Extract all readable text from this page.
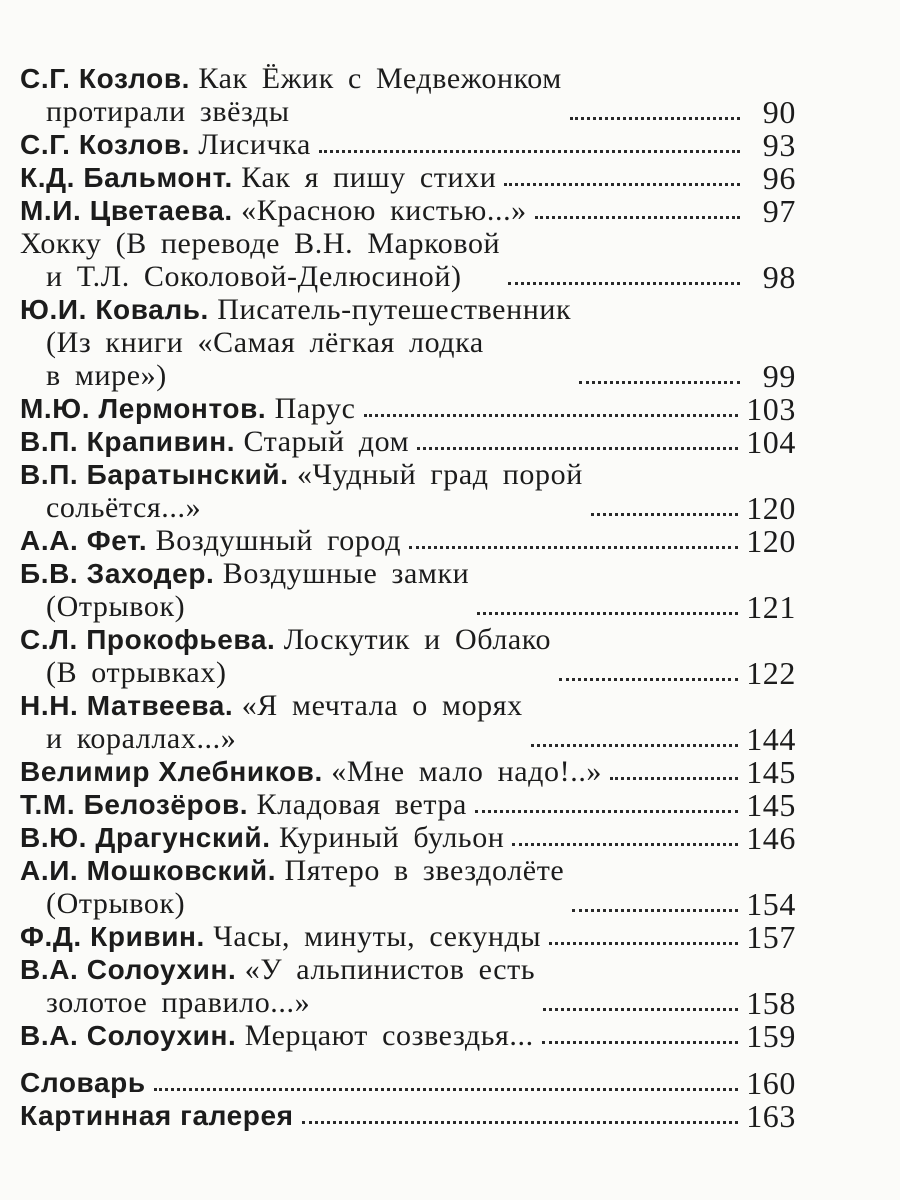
С.Г. Козлов. Как Ёжик с Медвежонком
протирали звёзды	90
С.Г. Козлов. Лисичка	93
К.Д. Бальмонт. Как я пишу стихи	96
М.И. Цветаева. «Красною кистью...»	97
Хокку (В переводе В.Н. Марковой
и Т.Л. Соколовой-Делюсиной)	98
Ю.И. Коваль. Писатель-путешественник
(Из книги «Самая лёгкая лодка
в мире»)	99
М.Ю. Лермонтов. Парус	103
В.П. Крапивин. Старый дом	104
В.П. Баратынский. «Чудный град порой
сольётся...»	120
А.А. Фет. Воздушный город	120
Б.В. Заходер. Воздушные замки
(Отрывок)	121
С.Л. Прокофьева. Лоскутик и Облако
(В отрывках)	122
Н.Н. Матвеева. «Я мечтала о морях
и кораллах...»	144
Велимир Хлебников. «Мне мало надо!..»	145
Т.М. Белозёров. Кладовая ветра	145
В.Ю. Драгунский. Куриный бульон	146
А.И. Мошковский. Пятеро в звездолёте
(Отрывок)	154
Ф.Д. Кривин. Часы, минуты, секунды	157
В.А. Солоухин. «У альпинистов есть
золотое правило...»	158
В.А. Солоухин. Мерцают созвездья...	159
Словарь	160
Картинная галерея	163
